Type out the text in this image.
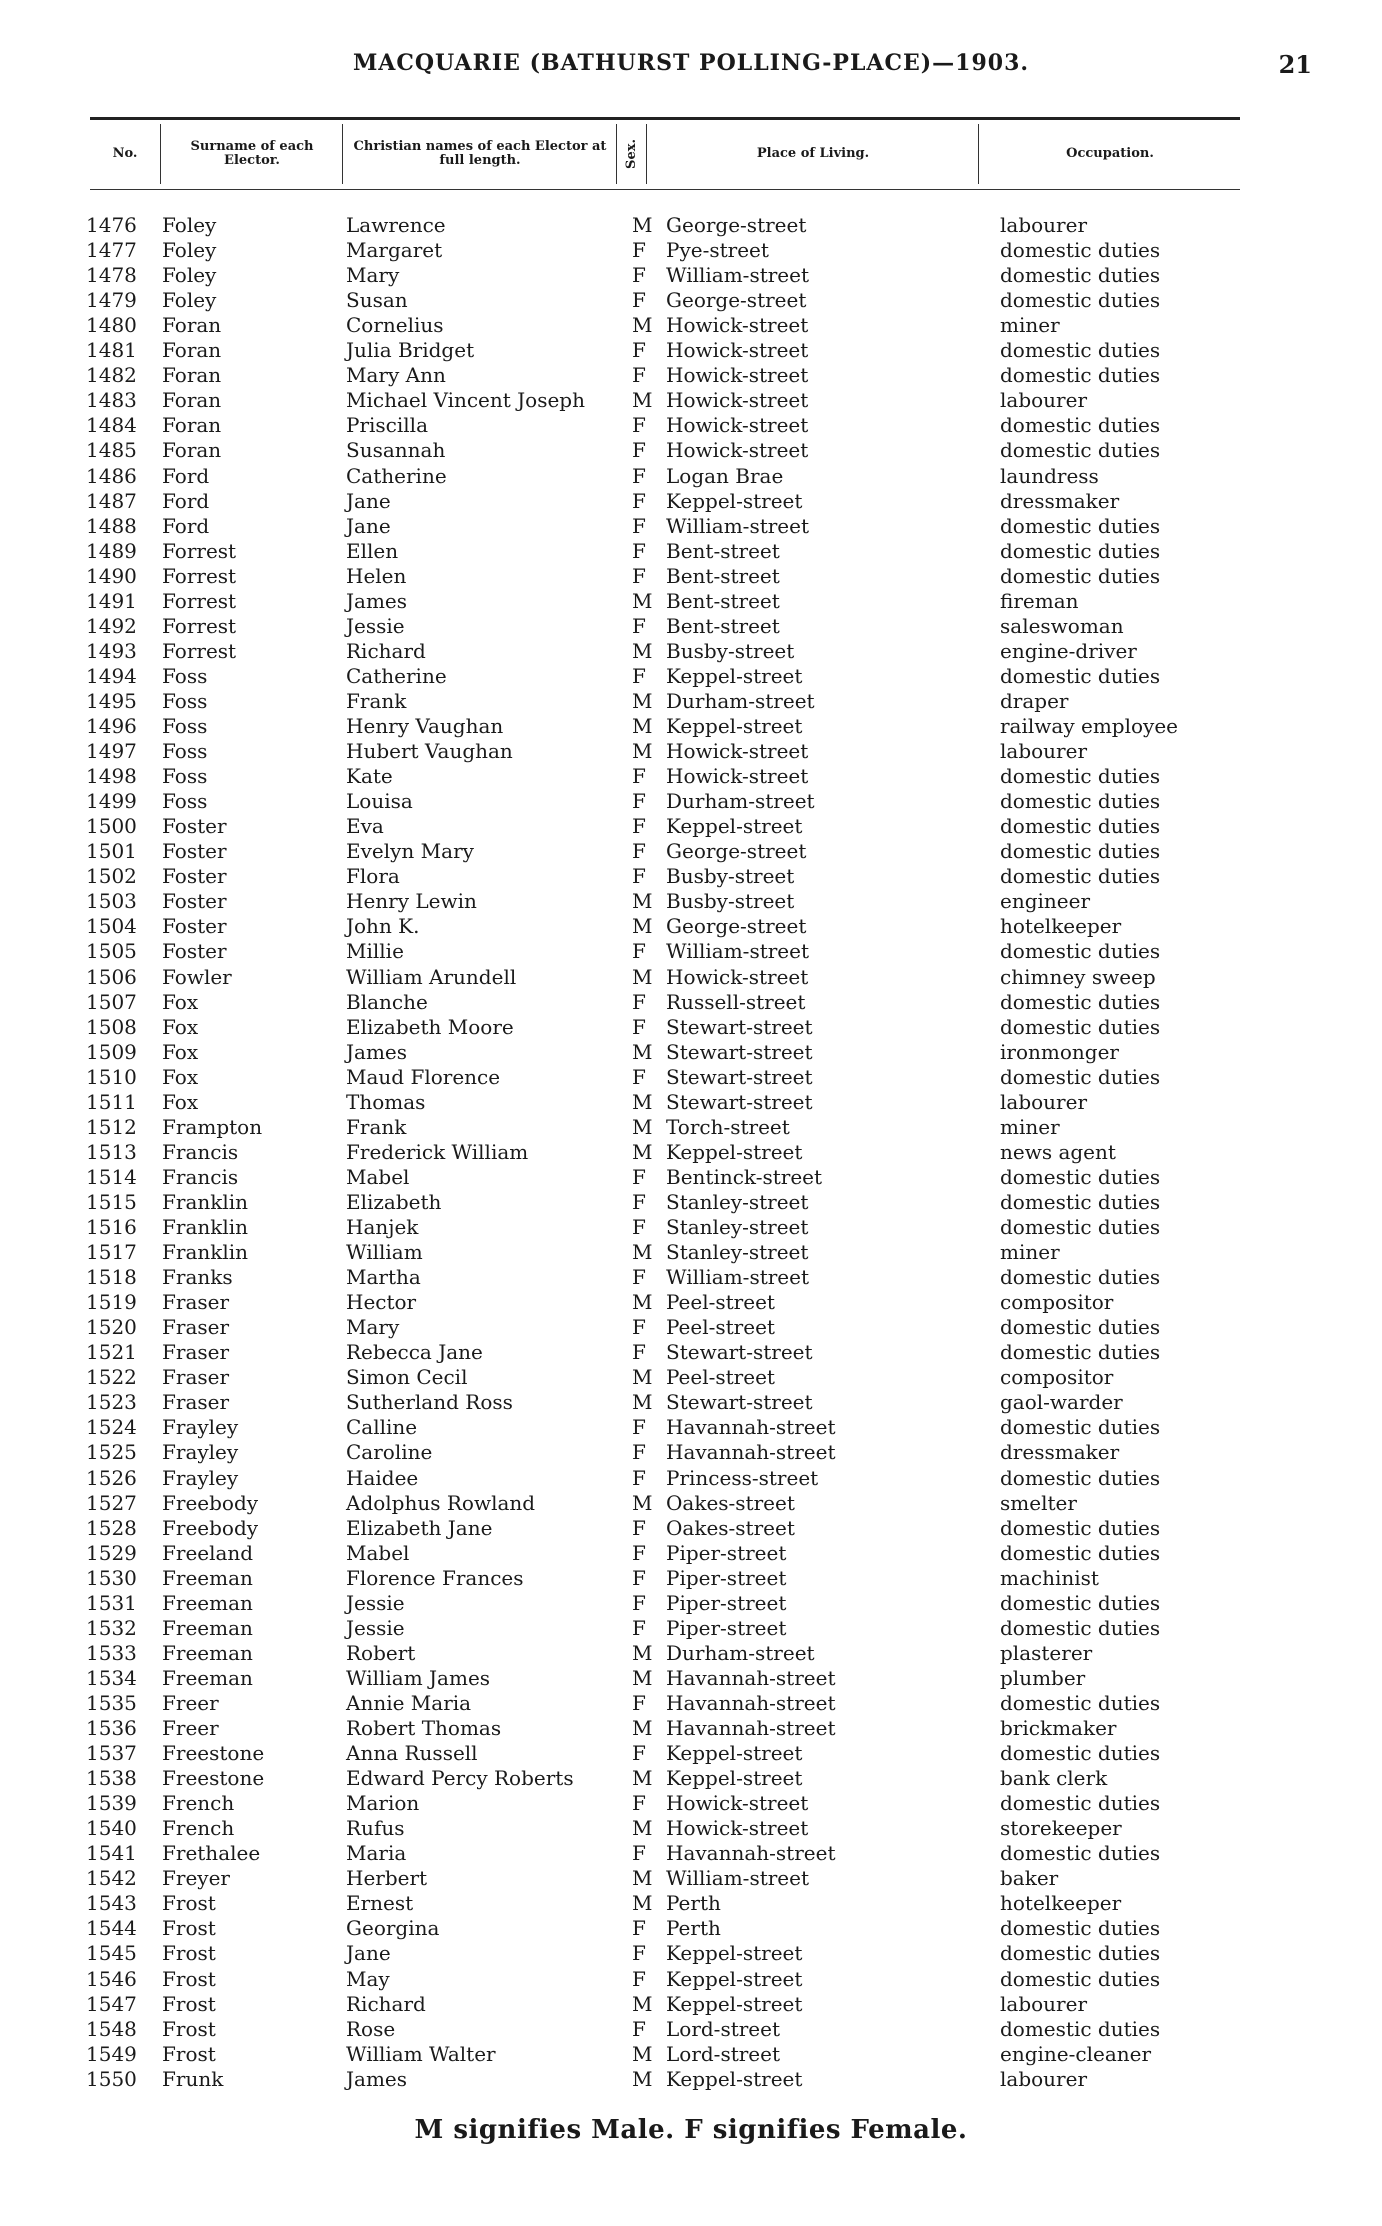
MACQUARIE (BATHURST POLLING-PLACE)—1903.	21
No.	Surname of each Elector.
Christian names of each Elector at full length.	Sex.	Place of Living.	Occupation.
1476 Foley	Lawrence	M George-street	labourer
1477 Foley	Margaret	F Pye-street	domestic duties
1478 Foley	Mary	F William-street	domestic duties
1479 Foley	Susan	F George-street	domestic duties
1480 Foran	Cornelius	M Howick-street	miner
1481 Foran	Julia Bridget	F Howick-street	domestic duties
1482 Foran	Mary Ann	F Howick-street	domestic duties
1483 Foran	Michael Vincent Joseph M Howick-street	labourer
1484 Foran	Priscilla	F Howick-street	domestic duties
1485 Foran	Susannah	F Howick-street	domestic duties
1486 Ford	Catherine	F Logan Brae	laundress
1487 Ford	Jane	F Keppel-street	dressmaker
1488 Ford	Jane	F William-street	domestic duties
1489 Forrest	Ellen	F Bent-street	domestic duties
1490 Forrest	Helen	F Bent-street	domestic duties
1491 Forrest	James	M Bent-street	fireman
1492 Forrest	Jessie	F Bent-street	saleswoman
1493 Forrest	Richard	M Busby-street	engine-driver
1494 Foss	Catherine	F Keppel-street	domestic duties
1495 Foss	Frank	M Durham-street	draper
1496 Foss	Henry Vaughan	M Keppel-street	railway employee
1497 Foss	Hubert Vaughan	M Howick-street	labourer
1498 Foss	Kate	F Howick-street	domestic duties
1499 Foss	Louisa	F Durham-street	domestic duties
1500 Foster	Eva	F Keppel-street	domestic duties
1501 Foster	Evelyn Mary	F George-street	domestic duties
1502 Foster	Flora	F Busby-street	domestic duties
1503 Foster	Henry Lewin	M Busby-street	engineer
1504 Foster	John K.	M George-street	hotelkeeper
1505 Foster	Millie	F William-street	domestic duties
1506 Fowler	William Arundell	M Howick-street	chimney sweep
1507 Fox	Blanche	F Russell-street	domestic duties
1508 Fox	Elizabeth Moore	F Stewart-street	domestic duties
1509 Fox	James	M Stewart-street	ironmonger
1510 Fox	Maud Florence	F Stewart-street	domestic duties
1511 Fox	Thomas	M Stewart-street	labourer
1512 Frampton	Frank	M Torch-street	miner
1513 Francis	Frederick William	M Keppel-street	news agent
1514 Francis	Mabel	F Bentinck-street	domestic duties
1515 Franklin	Elizabeth	F Stanley-street	domestic duties
1516 Franklin	Hanjek	F Stanley-street	domestic duties
1517 Franklin	William	M Stanley-street	miner
1518 Franks	Martha	F William-street	domestic duties
1519 Fraser	Hector	M Peel-street	compositor
1520 Fraser	Mary	F Peel-street	domestic duties
1521 Fraser	Rebecca Jane	F Stewart-street	domestic duties
1522 Fraser	Simon Cecil	M Peel-street	compositor
1523 Fraser	Sutherland Ross	M Stewart-street	gaol-warder
1524 Frayley	Calline	F Havannah-street	domestic duties
1525 Frayley	Caroline	F Havannah-street	dressmaker
1526 Frayley	Haidee	F Princess-street	domestic duties
1527 Freebody	Adolphus Rowland	M Oakes-street	smelter
1528 Freebody	Elizabeth Jane	F Oakes-street	domestic duties
1529 Freeland	Mabel	F Piper-street	domestic duties
1530 Freeman	Florence Frances	F Piper-street	machinist
1531 Freeman	Jessie	F Piper-street	domestic duties
1532 Freeman	Jessie	F Piper-street	domestic duties
1533 Freeman	Robert	M Durham-street	plasterer
1534 Freeman	William James	M Havannah-street	plumber
1535 Freer	Annie Maria	F Havannah-street	domestic duties
1536 Freer	Robert Thomas	M Havannah-street	brickmaker
1537 Freestone	Anna Russell	F Keppel-street	domestic duties
1538 Freestone	Edward Percy Roberts	M Keppel-street	bank clerk
1539 French	Marion	F Howick-street	domestic duties
1540 French	Rufus	M Howick-street	storekeeper
1541 Frethalee	Maria	F Havannah-street	domestic duties
1542 Freyer	Herbert	M William-street	baker
1543 Frost	Ernest	M Perth	hotelkeeper
1544 Frost	Georgina	F Perth	domestic duties
1545 Frost	Jane	F Keppel-street	domestic duties
1546 Frost	May	F Keppel-street	domestic duties
1547 Frost	Richard	M Keppel-street	labourer
1548 Frost	Rose	F Lord-street	domestic duties
1549 Frost	William Walter	M Lord-street	engine-cleaner
1550 Frunk	James	M Keppel-street	labourer
M signifies Male. F signifies Female.
